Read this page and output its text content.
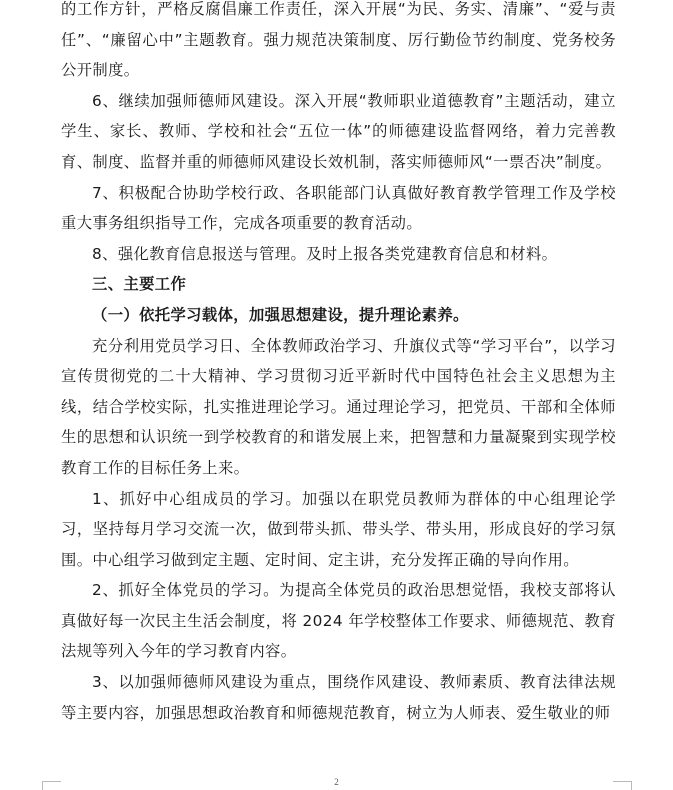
的工作方针，严格反腐倡廉工作责任，深入开展“为民、务实、清廉”、“爱与责任”、“廉留心中”主题教育。强力规范决策制度、厉行勤俭节约制度、党务校务公开制度。

6、继续加强师德师风建设。深入开展“教师职业道德教育”主题活动，建立学生、家长、教师、学校和社会“五位一体”的师德建设监督网络，着力完善教育、制度、监督并重的师德师风建设长效机制，落实师德师风“一票否决”制度。

7、积极配合协助学校行政、各职能部门认真做好教育教学管理工作及学校重大事务组织指导工作，完成各项重要的教育活动。

8、强化教育信息报送与管理。及时上报各类党建教育信息和材料。

三、主要工作

（一）依托学习载体，加强思想建设，提升理论素养。

充分利用党员学习日、全体教师政治学习、升旗仪式等“学习平台”，以学习宣传贯彻党的二十大精神、学习贯彻习近平新时代中国特色社会主义思想为主线，结合学校实际，扎实推进理论学习。通过理论学习，把党员、干部和全体师生的思想和认识统一到学校教育的和谐发展上来，把智慧和力量凝聚到实现学校教育工作的目标任务上来。

1、抓好中心组成员的学习。加强以在职党员教师为群体的中心组理论学习，坚持每月学习交流一次，做到带头抓、带头学、带头用，形成良好的学习氛围。中心组学习做到定主题、定时间、定主讲，充分发挥正确的导向作用。

2、抓好全体党员的学习。为提高全体党员的政治思想觉悟，我校支部将认真做好每一次民主生活会制度，将 2024 年学校整体工作要求、师德规范、教育法规等列入今年的学习教育内容。

3、以加强师德师风建设为重点，围绕作风建设、教师素质、教育法律法规等主要内容，加强思想政治教育和师德规范教育，树立为人师表、爱生敬业的师

2
